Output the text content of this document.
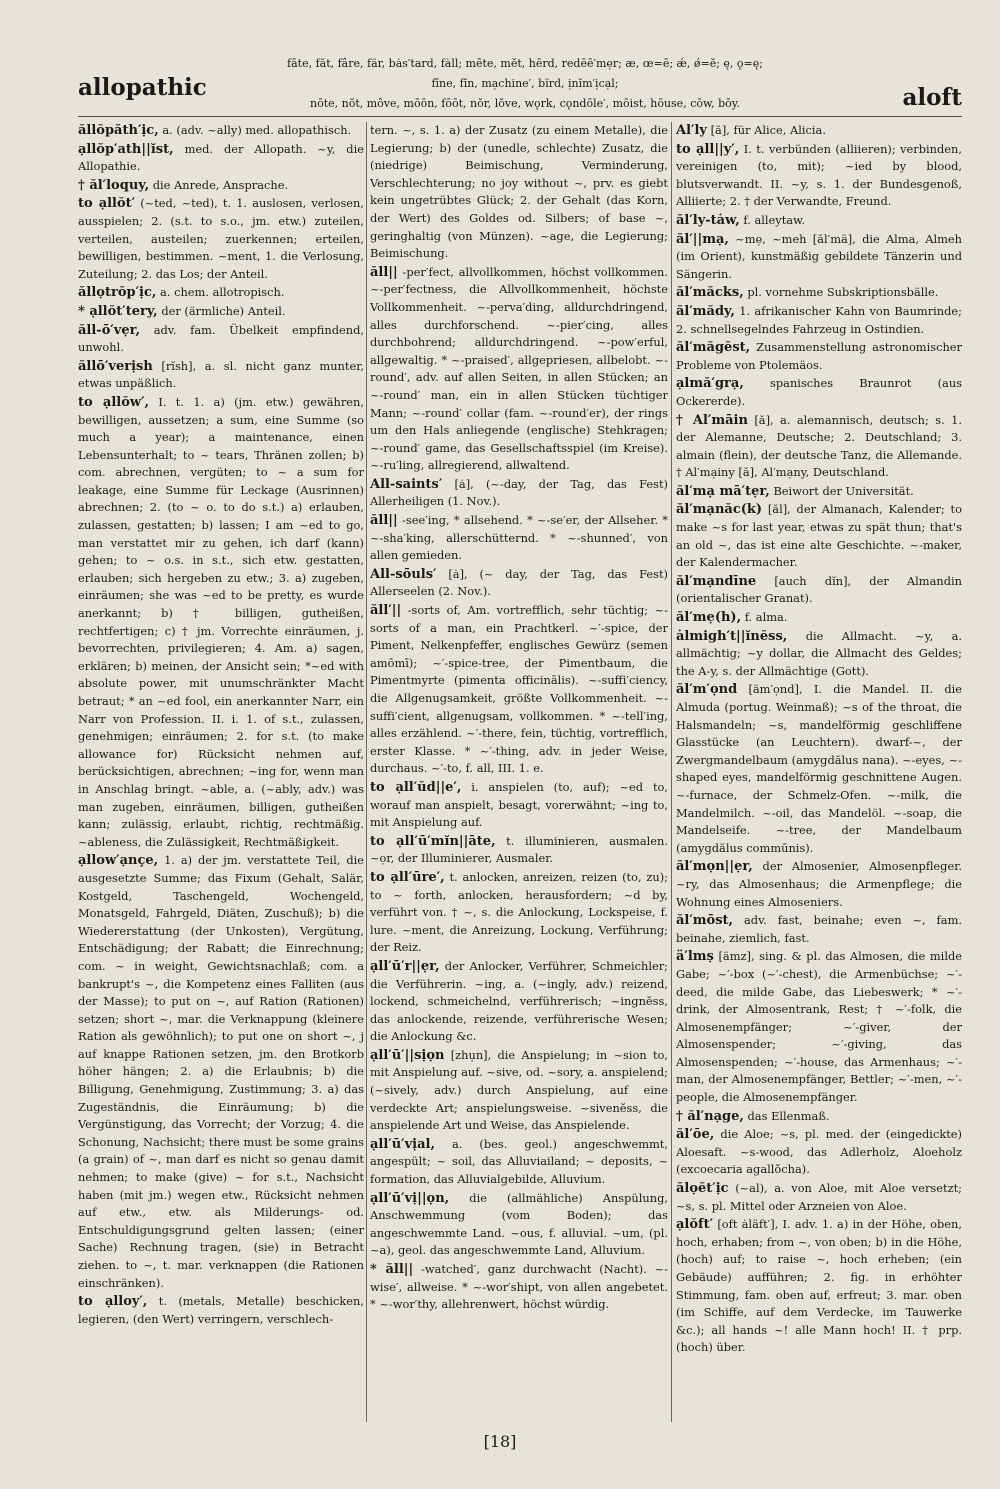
allopathic
fāte, făt, fâre, fär, bȧs′tard, fȧll; mēte, mĕt, hērd, redēē′mẹr; æ, œ=ē; ǽ, ǿ=ĕ; ę, ǫ=ę;
fīne, fĭn, mạchine′, bïrd, ịnĭm′ịcạl;
nōte, nŏt, môve, mōōn, fōōt, nŏr, lŏve, wǫrk, cǫndōle′, mōist, hōuse, cōw, bōy.	aloft
ăllŏpăth′ịc, a. (adv. ~ally) med. allopathisch.
ạllŏp′ath||ĭst, med. der Allopath. ~y, die Allopathie.
† ăl′loquy, die Anrede, Ansprache.
to ạllŏt′ (~ted, ~ted), t. 1. auslosen, verlosen, ausspielen; 2. (s.t. to s.o., jm. etw.) zuteilen, verteilen, austeilen; zuerkennen; erteilen, bewilligen, bestimmen. ~ment, 1. die Verlosung, Zuteilung; 2. das Los; der Anteil.
ăllọtrŏp′ịc, a. chem. allotropisch.
* ạllŏt′tery, der (ärmliche) Anteil.
ăll-ō′vẹr, adv. fam. Übelkeit empfindend, unwohl.
ăllō′verịsh [rĭsh], a. sl. nicht ganz munter, etwas unpäßlich.
to ạllŏw′, I. t. 1. a) (jm. etw.) gewähren, bewilligen, aussetzen; a sum, eine Summe (so much a year); a maintenance, einen Lebensunterhalt; to ~ tears, Thränen zollen; b) com. abrechnen, vergüten; to ~ a sum for leakage, eine Summe für Leckage (Ausrinnen) abrechnen; 2. (to ~ o. to do s.t.) a) erlauben, zulassen, gestatten; b) lassen; I am ~ed to go, man verstattet mir zu gehen, ich darf (kann) gehen; to ~ o.s. in s.t., sich etw. gestatten, erlauben; sich hergeben zu etw.; 3. a) zugeben, einräumen; she was ~ed to be pretty, es wurde anerkannt; b) † billigen, gutheißen, rechtfertigen; c) † jm. Vorrechte einräumen, j. bevorrechten, privilegieren; 4. Am. a) sagen, erklären; b) meinen, der Ansicht sein; *~ed with absolute power, mit unumschränkter Macht betraut; * an ~ed fool, ein anerkannter Narr, ein Narr von Profession. II. i. 1. of s.t., zulassen, genehmigen; einräumen; 2. for s.t. (to make allowance for) Rücksicht nehmen auf, berücksichtigen, abrechnen; ~ing for, wenn man in Anschlag bringt. ~able, a. (~ably, adv.) was man zugeben, einräumen, billigen, gutheißen kann; zulässig, erlaubt, richtig, rechtmäßig. ~ableness, die Zulässigkeit, Rechtmäßigkeit.
ạllow′ạnçe, 1. a) der jm. verstattete Teil, die ausgesetzte Summe; das Fixum (Gehalt, Salär, Kostgeld, Taschengeld, Wochengeld, Monatsgeld, Fahrgeld, Diäten, Zuschuß); b) die Wiedererstattung (der Unkosten), Vergütung, Entschädigung; der Rabatt; die Einrechnung; com. ~ in weight, Gewichtsnachlaß; com. a bankrupt's ~, die Kompetenz eines Falliten (aus der Masse); to put on ~, auf Ration (Rationen) setzen; short ~, mar. die Verknappung (kleinere Ration als gewöhnlich); to put one on short ~, j auf knappe Rationen setzen, jm. den Brotkorb höher hängen; 2. a) die Erlaubnis; b) die Billigung, Genehmigung, Zustimmung; 3. a) das Zugeständnis, die Einräumung; b) die Vergünstigung, das Vorrecht; der Vorzug; 4. die Schonung, Nachsicht; there must be some grains (a grain) of ~, man darf es nicht so genau damit nehmen; to make (give) ~ for s.t., Nachsicht haben (mit jm.) wegen etw., Rücksicht nehmen auf etw., etw. als Milderungs- od. Entschuldigungsgrund gelten lassen; (einer Sache) Rechnung tragen, (sie) in Betracht ziehen. to ~, t. mar. verknappen (die Rationen einschränken).
to ạlloy′, t. (metals, Metalle) beschicken, legieren, (den Wert) verringern, verschlech-
tern. ~, s. 1. a) der Zusatz (zu einem Metalle), die Legierung; b) der (unedle, schlechte) Zusatz, die (niedrige) Beimischung, Verminderung, Verschlechterung; no joy without ~, prv. es giebt kein ungetrübtes Glück; 2. der Gehalt (das Korn, der Wert) des Goldes od. Silbers; of base ~, geringhaltig (von Münzen). ~age, die Legierung; Beimischung.
ăll|| -per′fect, allvollkommen, höchst vollkommen. ~-per′fectness, die Allvollkommenheit, höchste Vollkommenheit. ~-perva′ding, alldurchdringend, alles durchforschend. ~-pier′cing, alles durchbohrend; alldurchdringend. ~-pow′erful, allgewaltig. * ~-praised′, allgepriesen, allbelobt. ~-round′, adv. auf allen Seiten, in allen Stücken; an ~-round′ man, ein in allen Stücken tüchtiger Mann; ~-round′ collar (fam. ~-round′er), der rings um den Hals anliegende (englische) Stehkragen; ~-round′ game, das Gesellschaftsspiel (im Kreise). ~-ru′ling, allregierend, allwaltend.
All-saints′ [ȧ], (~-day, der Tag, das Fest) Allerheiligen (1. Nov.).
ăll|| -see′ing, * allsehend. * ~-se′er, der Allseher. * ~-sha′king, allerschütternd. * ~-shunned′, von allen gemieden.
All-sōuls′ [ȧ], (~ day, der Tag, das Fest) Allerseelen (2. Nov.).
ăll′|| -sorts of, Am. vortrefflich, sehr tüchtig; ~-sorts of a man, ein Prachtkerl. ~′-spice, der Piment, Nelkenpfeffer, englisches Gewürz (semen amōmī); ~′-spice-tree, der Pimentbaum, die Pimentmyrte (pimenta officinālis). ~-suffi′ciency, die Allgenugsamkeit, größte Vollkommenheit. ~-suffi′cient, allgenugsam, vollkommen. * ~-tell′ing, alles erzählend. ~′-there, fein, tüchtig, vortrefflich, erster Klasse. * ~′-thing, adv. in jeder Weise, durchaus. ~′-to, f. all, III. 1. e.
to ạll′ŭd||e′, i. anspielen (to, auf); ~ed to, worauf man anspielt, besagt, vorerwähnt; ~ing to, mit Anspielung auf.
to ạll′ū′mĭn||āte, t. illuminieren, ausmalen. ~ọr, der Illuminierer, Ausmaler.
to ạll′ūre′, t. anlocken, anreizen, reizen (to, zu); to ~ forth, anlocken, herausfordern; ~d by, verführt von. † ~, s. die Anlockung, Lockspeise, f. lure. ~ment, die Anreizung, Lockung, Verführung; der Reiz.
ạll′ū′r||ẹr, der Anlocker, Verführer, Schmeichler; die Verführerin. ~ing, a. (~ingly, adv.) reizend, lockend, schmeichelnd, verführerisch; ~ingnĕss, das anlockende, reizende, verführerische Wesen; die Anlockung &c.
ạll′ū′||sịọn [zhụn], die Anspielung; in ~sion to, mit Anspielung auf. ~sive, od. ~sory, a. anspielend; (~sively, adv.) durch Anspielung, auf eine verdeckte Art; anspielungsweise. ~sivenĕss, die anspielende Art und Weise, das Anspielende.
ạll′ū′vịal, a. (bes. geol.) angeschwemmt, angespült; ~ soil, das Alluviailand; ~ deposits, ~ formation, das Alluvialgebilde, Alluvium.
ạll′ū′vị||ọn, die (allmähliche) Anspülung, Anschwemmung (vom Boden); das angeschwemmte Land. ~ous, f. alluvial. ~um, (pl. ~a), geol. das angeschwemmte Land, Alluvium.
* ăll|| -watched′, ganz durchwacht (Nacht). ~-wise′, allweise. * ~-wor′shipt, von allen angebetet. * ~-wor′thy, allehrenwert, höchst würdig.
Al′ly [ă], für Alice, Alicia.
to ạll||y′, I. t. verbünden (alliieren); verbinden, vereinigen (to, mit); ~ied by blood, blutsverwandt. II. ~y, s. 1. der Bundesgenoß, Alliierte; 2. † der Verwandte, Freund.
ăl′ly-tȧw, f. alleytaw.
ăl′||mạ, ~mẹ, ~meh [ăl′mä], die Alma, Almeh (im Orient), kunstmäßig gebildete Tänzerin und Sängerin.
ăl′măcks, pl. vornehme Subskriptionsbälle.
ăl′mădy, 1. afrikanischer Kahn von Baumrinde; 2. schnellsegelndes Fahrzeug in Ostindien.
ăl′măgĕst, Zusammenstellung astronomischer Probleme von Ptolemäos.
ạlmă′grạ, spanisches Braunrot (aus Ockererde).
† Al′māin [ă], a. alemannisch, deutsch; s. 1. der Alemanne, Deutsche; 2. Deutschland; 3. almain (flein), der deutsche Tanz, die Allemande. † Al′mạiny [ă], Al′mạny, Deutschland.
ăl′mạ mā′tẹr, Beiwort der Universität.
ăl′mạnăc(k) [ăl], der Almanach, Kalender; to make ~s for last year, etwas zu spät thun; that's an old ~, das ist eine alte Geschichte. ~-maker, der Kalendermacher.
ăl′mạndīne [auch dĭn], der Almandin (orientalischer Granat).
ăl′mẹ(h), f. alma.
ȧlmigh′t||ĭnĕss, die Allmacht. ~y, a. allmächtig; ~y dollar, die Allmacht des Geldes; the A-y, s. der Allmächtige (Gott).
ăl′m′ọnd [äm′ọnd], I. die Mandel. II. die Almuda (portug. Weinmaß); ~s of the throat, die Halsmandeln; ~s, mandelförmig geschliffene Glasstücke (an Leuchtern). dwarf-~, der Zwergmandelbaum (amygdălus nana). ~-eyes, ~-shaped eyes, mandelförmig geschnittene Augen. ~-furnace, der Schmelz-Ofen. ~-milk, die Mandelmilch. ~-oil, das Mandelöl. ~-soap, die Mandelseife. ~-tree, der Mandelbaum (amygdălus commūnis).
ăl′mọn||ẹr, der Almosenier, Almosenpfleger. ~ry, das Almosenhaus; die Armenpflege; die Wohnung eines Almoseniers.
ăl′mōst, adv. fast, beinahe; even ~, fam. beinahe, ziemlich, fast.
ä′lmṣ [ämz], sing. & pl. das Almosen, die milde Gabe; ~′-box (~′-chest), die Armenbüchse; ~′-deed, die milde Gabe, das Liebeswerk; * ~′-drink, der Almosentrank, Rest; † ~′-folk, die Almosenempfänger; ~′-giver, der Almosenspender; ~′-giving, das Almosenspenden; ~′-house, das Armenhaus; ~′-man, der Almosenempfänger, Bettler; ~′-men, ~′-people, die Almosenempfänger.
† ăl′nạge, das Ellenmaß.
ăl′ōe, die Aloe; ~s, pl. med. der (eingedickte) Aloesaft. ~s-wood, das Adlerholz, Aloeholz (excoecaria agallŏcha).
ălọĕt′ịc (~al), a. von Aloe, mit Aloe versetzt; ~s, s. pl. Mittel oder Arzneien von Aloe.
ạlŏft′ [oft ȧläft′], I. adv. 1. a) in der Höhe, oben, hoch, erhaben; from ~, von oben; b) in die Höhe, (hoch) auf; to raise ~, hoch erheben; (ein Gebäude) aufführen; 2. fig. in erhöhter Stimmung, fam. oben auf, erfreut; 3. mar. oben (im Schiffe, auf dem Verdecke, im Tauwerke &c.); all hands ~! alle Mann hoch! II. † prp. (hoch) über.
[18]
